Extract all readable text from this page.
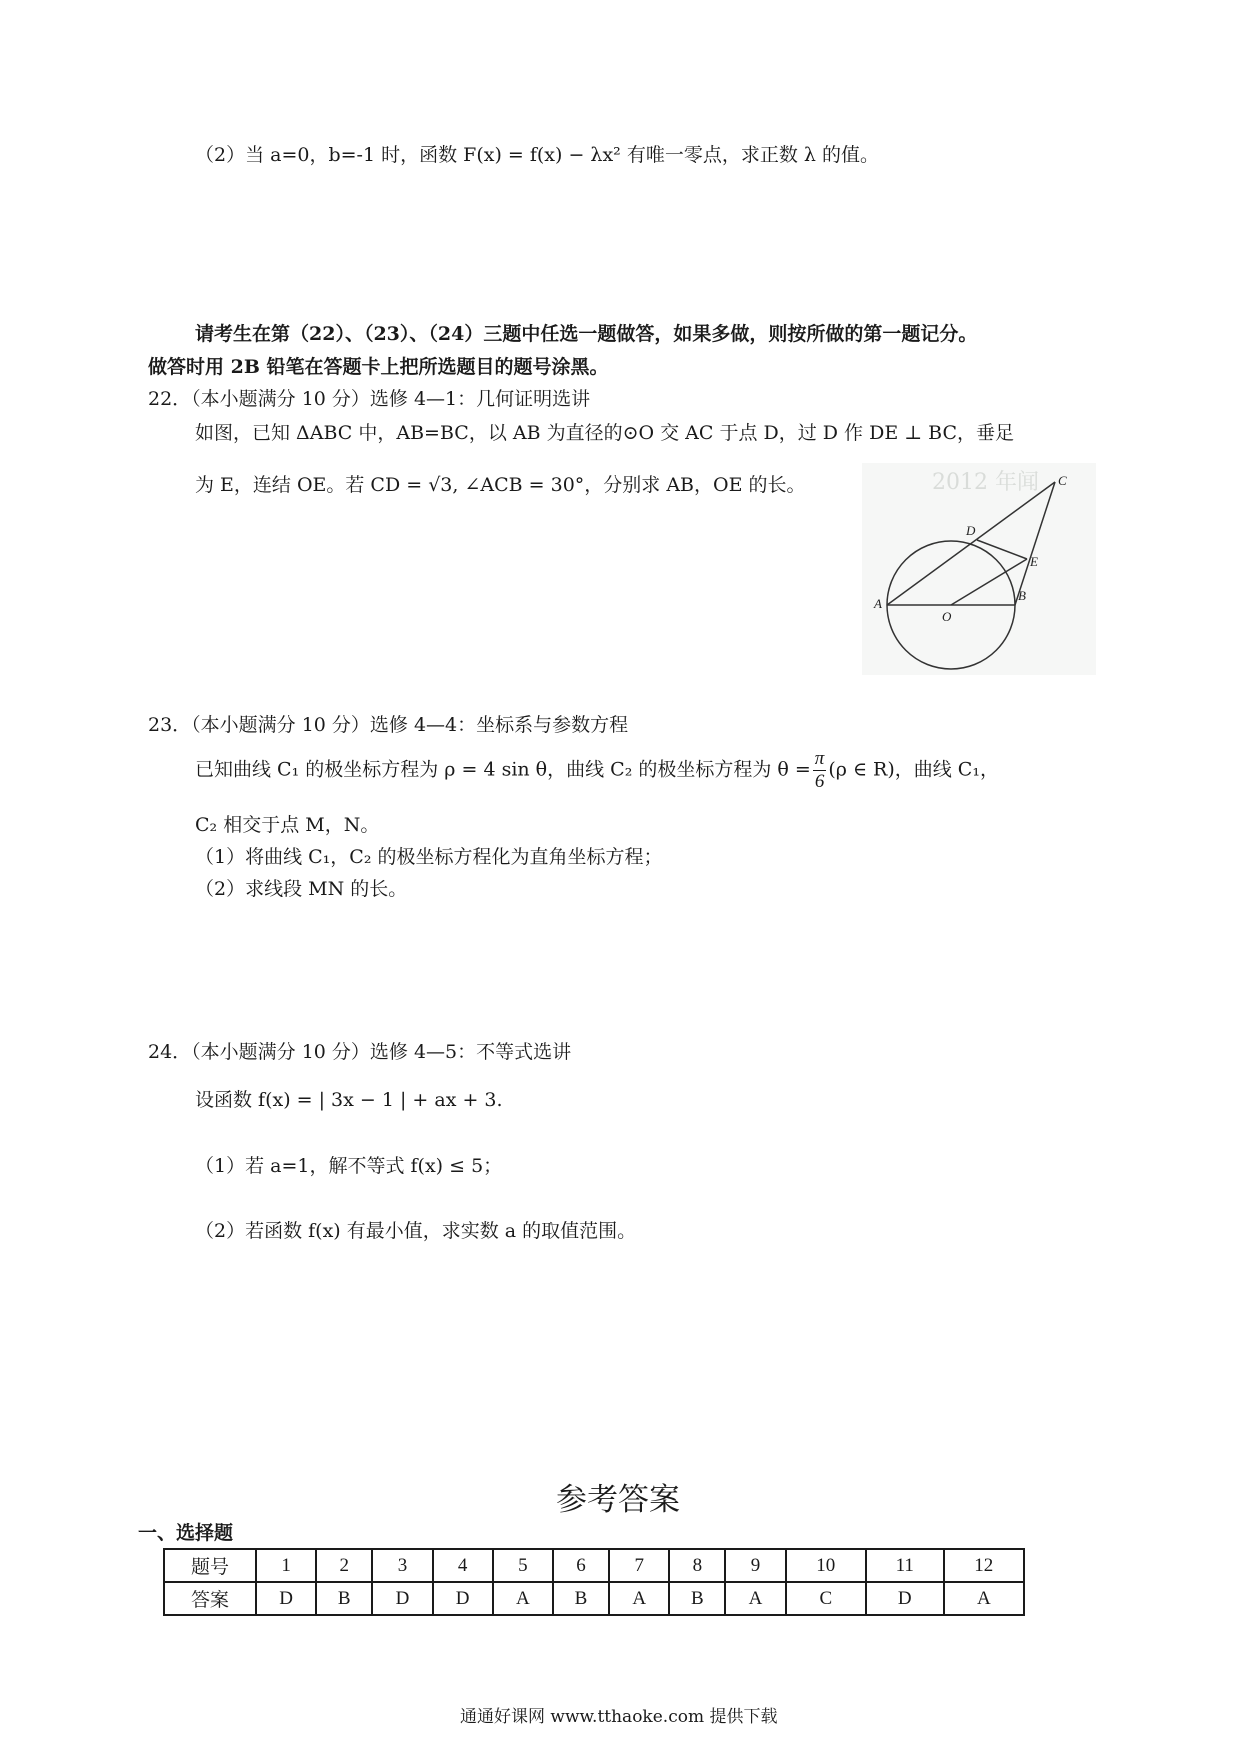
（2）当 a=0，b=-1 时，函数 F(x) = f(x) − λx² 有唯一零点，求正数 λ 的值。
请考生在第（22）、（23）、（24）三题中任选一题做答，如果多做，则按所做的第一题记分。
做答时用 2B 铅笔在答题卡上把所选题目的题号涂黑。
22．（本小题满分 10 分）选修 4—1：几何证明选讲
如图，已知 ΔABC 中，AB=BC，以 AB 为直径的⊙O 交 AC 于点 D，过 D 作 DE ⊥ BC，垂足
为 E，连结 OE。若 CD = √3, ∠ACB = 30°，分别求 AB，OE 的长。	2012 年闻
A
O
B
C
D
E
23．（本小题满分 10 分）选修 4—4：坐标系与参数方程
已知曲线 C₁ 的极坐标方程为 ρ = 4 sin θ，曲线 C₂ 的极坐标方程为 $\theta = \frac{\pi}{6} (\rho$ ∈ R)，曲线 C₁，
C₂ 相交于点 M，N。
（1）将曲线 C₁，C₂ 的极坐标方程化为直角坐标方程；
（2）求线段 MN 的长。
24．（本小题满分 10 分）选修 4—5：不等式选讲
设函数 f(x) = | 3x − 1 | + ax + 3.
（1）若 a=1，解不等式 f(x) ≤ 5；
（2）若函数 f(x) 有最小值，求实数 a 的取值范围。
参考答案
一、选择题
题号	1	2	3	4	5	6	7	8	9	10	11	12
答案	D	B	D	D	A	B	A	B	A	C	D	A
通通好课网 www.tthaoke.com 提供下载
